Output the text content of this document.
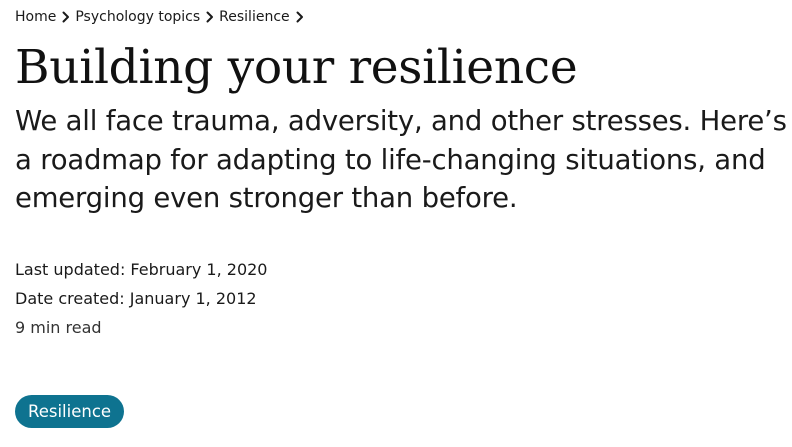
Home Psychology topics Resilience
Building your resilience

We all face trauma, adversity, and other stresses. Here’s a roadmap for adapting to life-changing situations, and emerging even stronger than before.

Last updated: February 1, 2020
Date created: January 1, 2012
9 min read
Resilience
